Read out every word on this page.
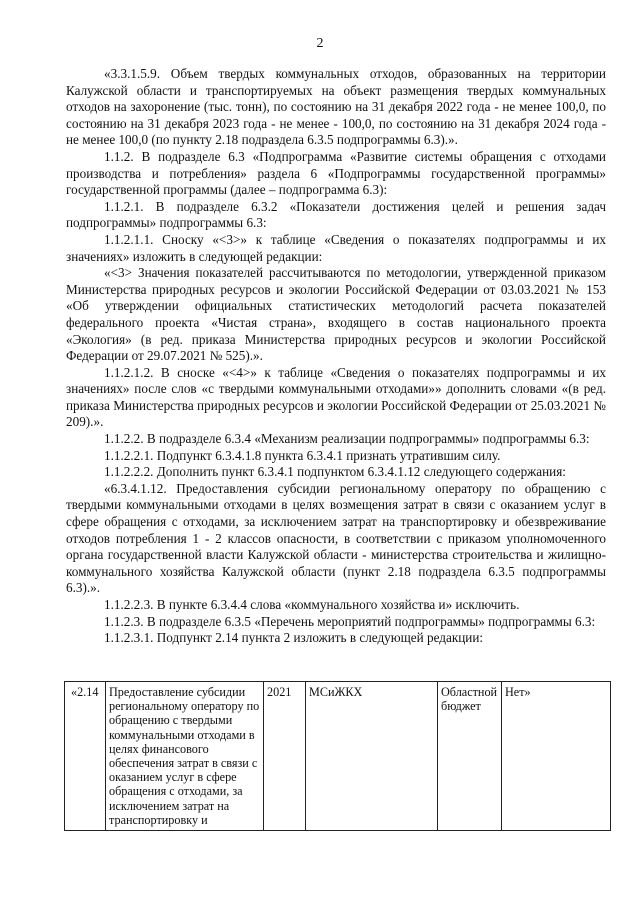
2

«3.3.1.5.9. Объем твердых коммунальных отходов, образованных на территории Калужской области и транспортируемых на объект размещения твердых коммунальных отходов на захоронение (тыс. тонн), по состоянию на 31 декабря 2022 года - не менее 100,0, по состоянию на 31 декабря 2023 года - не менее - 100,0, по состоянию на 31 декабря 2024 года - не менее 100,0 (по пункту 2.18 подраздела 6.3.5 подпрограммы 6.3).».

1.1.2. В подразделе 6.3 «Подпрограмма «Развитие системы обращения с отходами производства и потребления» раздела 6 «Подпрограммы государственной программы» государственной программы (далее – подпрограмма 6.3):

1.1.2.1. В подразделе 6.3.2 «Показатели достижения целей и решения задач подпрограммы» подпрограммы 6.3:

1.1.2.1.1. Сноску «<3>» к таблице «Сведения о показателях подпрограммы и их значениях» изложить в следующей редакции:

«<3> Значения показателей рассчитываются по методологии, утвержденной приказом Министерства природных ресурсов и экологии Российской Федерации от 03.03.2021 № 153 «Об утверждении официальных статистических методологий расчета показателей федерального проекта «Чистая страна», входящего в состав национального проекта «Экология» (в ред. приказа Министерства природных ресурсов и экологии Российской Федерации от 29.07.2021 № 525).».

1.1.2.1.2. В сноске «<4>» к таблице «Сведения о показателях подпрограммы и их значениях» после слов «с твердыми коммунальными отходами»» дополнить словами «(в ред. приказа Министерства природных ресурсов и экологии Российской Федерации от 25.03.2021 № 209).».

1.1.2.2. В подразделе 6.3.4 «Механизм реализации подпрограммы» подпрограммы 6.3:

1.1.2.2.1. Подпункт 6.3.4.1.8 пункта 6.3.4.1 признать утратившим силу.

1.1.2.2.2. Дополнить пункт 6.3.4.1 подпунктом 6.3.4.1.12 следующего содержания:

«6.3.4.1.12. Предоставления субсидии региональному оператору по обращению с твердыми коммунальными отходами в целях возмещения затрат в связи с оказанием услуг в сфере обращения с отходами, за исключением затрат на транспортировку и обезвреживание отходов потребления 1 - 2 классов опасности, в соответствии с приказом уполномоченного органа государственной власти Калужской области - министерства строительства и жилищно-коммунального хозяйства Калужской области (пункт 2.18 подраздела 6.3.5 подпрограммы 6.3).».

1.1.2.2.3. В пункте 6.3.4.4 слова «коммунального хозяйства и» исключить.

1.1.2.3. В подразделе 6.3.5 «Перечень мероприятий подпрограммы» подпрограммы 6.3:

1.1.2.3.1. Подпункт 2.14 пункта 2 изложить в следующей редакции:

«2.14	Предоставление субсидии региональному оператору по обращению с твердыми коммунальными отходами в целях финансового обеспечения затрат в связи с оказанием услуг в сфере обращения с отходами, за исключением затрат на транспортировку и	2021	МСиЖКХ	Областной бюджет	Нет»
